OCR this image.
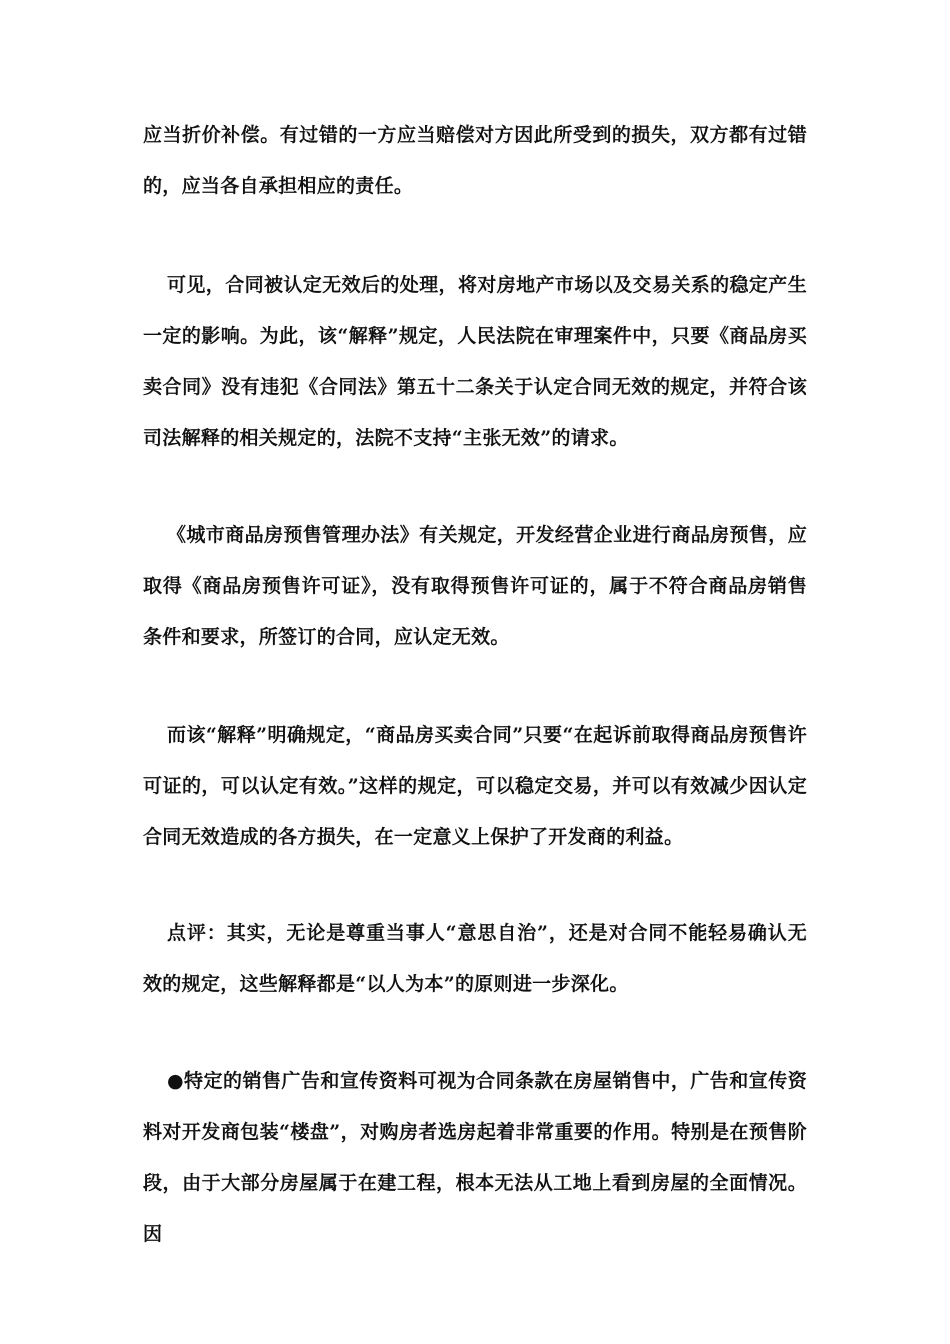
应当折价补偿。有过错的一方应当赔偿对方因此所受到的损失，双方都有过错的，应当各自承担相应的责任。

可见，合同被认定无效后的处理，将对房地产市场以及交易关系的稳定产生一定的影响。为此，该“解释”规定，人民法院在审理案件中，只要《商品房买卖合同》没有违犯《合同法》第五十二条关于认定合同无效的规定，并符合该司法解释的相关规定的，法院不支持“主张无效”的请求。

《城市商品房预售管理办法》有关规定，开发经营企业进行商品房预售，应取得《商品房预售许可证》，没有取得预售许可证的，属于不符合商品房销售条件和要求，所签订的合同，应认定无效。

而该“解释”明确规定，“商品房买卖合同”只要“在起诉前取得商品房预售许可证的，可以认定有效。”这样的规定，可以稳定交易，并可以有效减少因认定合同无效造成的各方损失，在一定意义上保护了开发商的利益。

点评：其实，无论是尊重当事人“意思自治”，还是对合同不能轻易确认无效的规定，这些解释都是“以人为本”的原则进一步深化。

●特定的销售广告和宣传资料可视为合同条款在房屋销售中，广告和宣传资料对开发商包装“楼盘”，对购房者选房起着非常重要的作用。特别是在预售阶段，由于大部分房屋属于在建工程，根本无法从工地上看到房屋的全面情况。因
